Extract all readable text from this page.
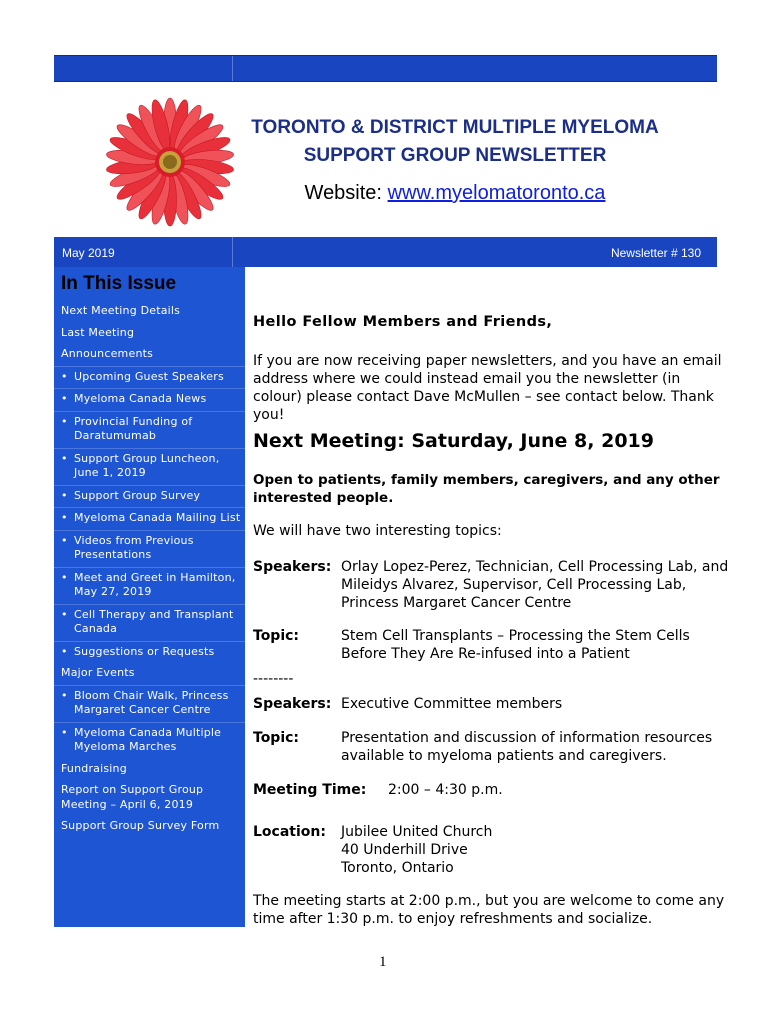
TORONTO & DISTRICT MULTIPLE MYELOMA
SUPPORT GROUP NEWSLETTER
Website: www.myelomatoronto.ca
May 2019	Newsletter # 130
In This Issue
Next Meeting Details
Last Meeting
Announcements
• Upcoming Guest Speakers
• Myeloma Canada News
• Provincial Funding of Daratumumab
• Support Group Luncheon, June 1, 2019
• Support Group Survey
• Myeloma Canada Mailing List
• Videos from Previous Presentations
• Meet and Greet in Hamilton, May 27, 2019
• Cell Therapy and Transplant Canada
• Suggestions or Requests
Major Events
• Bloom Chair Walk, Princess Margaret Cancer Centre
• Myeloma Canada Multiple Myeloma Marches
Fundraising
Report on Support Group Meeting – April 6, 2019
Support Group Survey Form
Hello Fellow Members and Friends,
If you are now receiving paper newsletters, and you have an email address where we could instead email you the newsletter (in colour) please contact Dave McMullen – see contact below. Thank you!
Next Meeting: Saturday, June 8, 2019
Open to patients, family members, caregivers, and any other interested people.
We will have two interesting topics:
Speakers: Orlay Lopez-Perez, Technician, Cell Processing Lab, and
Mileidys Alvarez, Supervisor, Cell Processing Lab,
Princess Margaret Cancer Centre
Topic:	Stem Cell Transplants – Processing the Stem Cells
Before They Are Re-infused into a Patient
--------
Speakers: Executive Committee members
Topic:	Presentation and discussion of information resources
available to myeloma patients and caregivers.
Meeting Time: 2:00 – 4:30 p.m.
Location: Jubilee United Church
40 Underhill Drive
Toronto, Ontario
The meeting starts at 2:00 p.m., but you are welcome to come any time after 1:30 p.m. to enjoy refreshments and socialize.
1
